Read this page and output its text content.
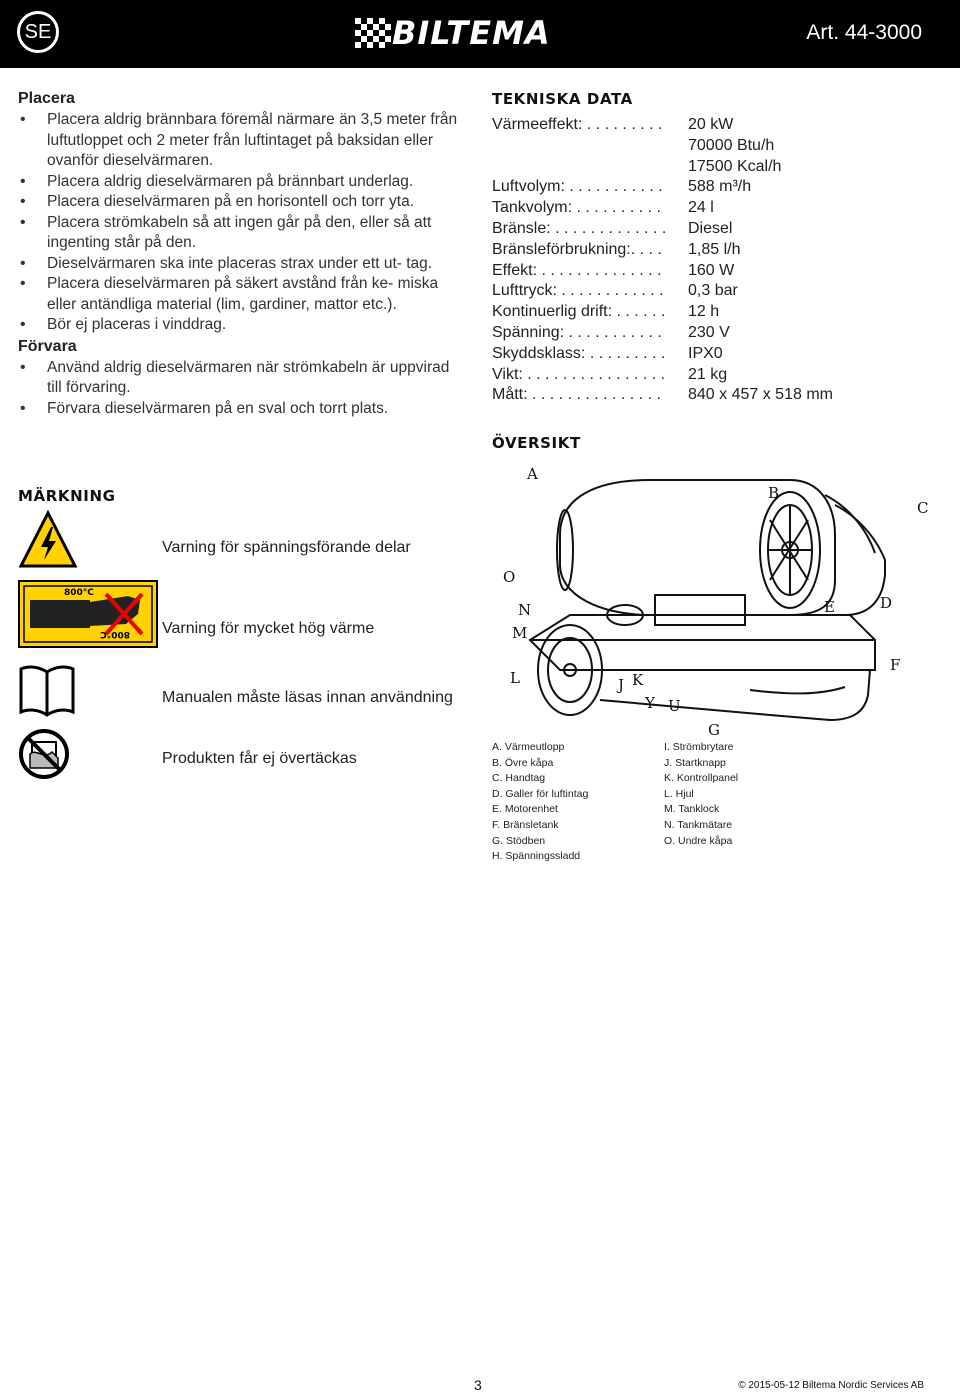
SE	BILTEMA	Art. 44-3000
Placera
• Placera aldrig brännbara föremål närmare än 3,5 meter från luftutloppet och 2 meter från luftintaget på baksidan eller ovanför dieselvärmaren.
• Placera aldrig dieselvärmaren på brännbart underlag.
• Placera dieselvärmaren på en horisontell och torr yta.
• Placera strömkabeln så att ingen går på den, eller så att ingenting står på den.
• Dieselvärmaren ska inte placeras strax under ett ut- tag.
• Placera dieselvärmaren på säkert avstånd från ke- miska eller antändliga material (lim, gardiner, mattor etc.).
• Bör ej placeras i vinddrag.
Förvara
• Använd aldrig dieselvärmaren när strömkabeln är uppvirad till förvaring.
• Förvara dieselvärmaren på en sval och torrt plats.
MÄRKNING
Varning för spänningsförande delar
800°C
800°C Varning för mycket hög värme
Manualen måste läsas innan användning
Produkten får ej övertäckas
TEKNISKA DATA
Värmeeffekt: . . . . . . . . .	20 kW
70000 Btu/h
17500 Kcal/h
Luftvolym: . . . . . . . . . . .	588 m³/h
Tankvolym: . . . . . . . . . .	24 l
Bränsle: . . . . . . . . . . . . .	Diesel
Bränsleförbrukning:. . . .	1,85 l/h
Effekt: . . . . . . . . . . . . . .	160 W
Lufttryck: . . . . . . . . . . . .	0,3 bar
Kontinuerlig drift: . . . . . .	12 h
Spänning: . . . . . . . . . . .	230 V
Skyddsklass: . . . . . . . . .	IPX0
Vikt: . . . . . . . . . . . . . . . .	21 kg
Mått: . . . . . . . . . . . . . . .	840 x 457 x 518 mm
ÖVERSIKT
A
B
C
D
E
F
G
J K
L
M
N
O
Y U
A. Värmeutlopp
B. Övre kåpa
C. Handtag
D. Galler för luftintag
E. Motorenhet
F. Bränsletank
G. Stödben
H. Spänningssladd
I. Strömbrytare
J. Startknapp
K. Kontrollpanel
L. Hjul
M. Tanklock
N. Tankmätare
O. Undre kåpa
3	© 2015-05-12 Biltema Nordic Services AB
